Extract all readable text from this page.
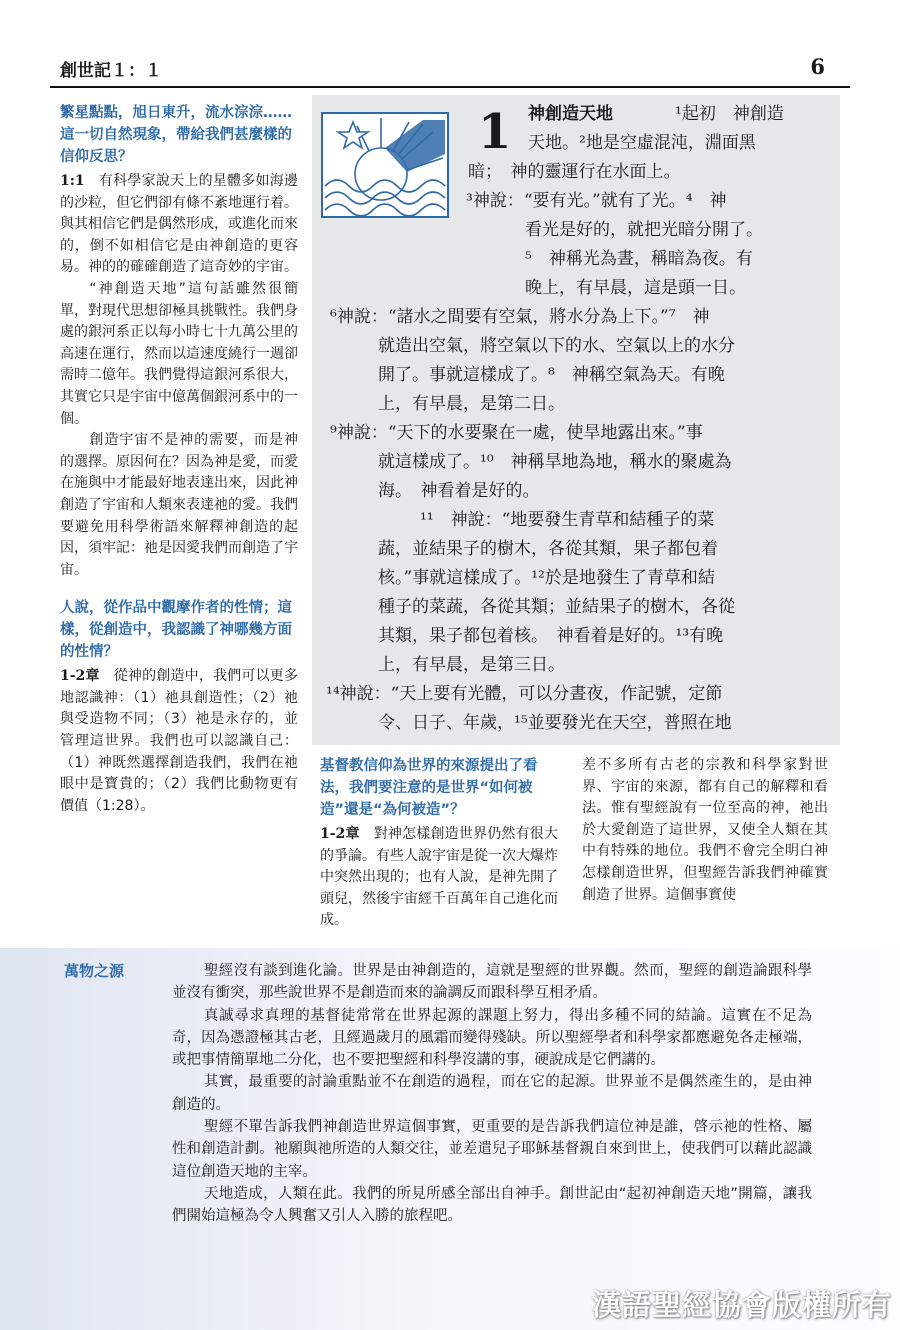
創世記１：１	6

繁星點點，旭日東升，流水淙淙……這一切自然現象，帶給我們甚麼樣的信仰反思？

1:1 有科學家說天上的星體多如海邊的沙粒，但它們卻有條不紊地運行着。與其相信它們是偶然形成，或進化而來的，倒不如相信它是由神創造的更容易。神的的確確創造了這奇妙的宇宙。

“神創造天地”這句話雖然很簡單，對現代思想卻極具挑戰性。我們身處的銀河系正以每小時七十九萬公里的高速在運行，然而以這速度繞行一週卻需時二億年。我們覺得這銀河系很大，其實它只是宇宙中億萬個銀河系中的一個。

創造宇宙不是神的需要，而是神的選擇。原因何在？因為神是愛，而愛在施與中才能最好地表達出來，因此神創造了宇宙和人類來表達祂的愛。我們要避免用科學術語來解釋神創造的起因，須牢記：祂是因愛我們而創造了宇宙。

人說，從作品中觀摩作者的性情；這樣，從創造中，我認識了神哪幾方面的性情？

1-2章 從神的創造中，我們可以更多地認識神：（1）祂具創造性；（2）祂與受造物不同；（3）祂是永存的，並管理這世界。我們也可以認識自己：（1）神既然選擇創造我們，我們在祂眼中是寶貴的；（2）我們比動物更有價值（1:28）。

1 神創造天地	¹起初　神創造
天地。²地是空虛混沌，淵面黑
暗；　神的靈運行在水面上。
³神說：“要有光。”就有了光。⁴　神
看光是好的，就把光暗分開了。
⁵　神稱光為晝，稱暗為夜。有
晚上，有早晨，這是頭一日。
⁶神說：“諸水之間要有空氣，將水分為上下。”⁷　神
就造出空氣，將空氣以下的水、空氣以上的水分
開了。事就這樣成了。⁸　神稱空氣為天。有晚
上，有早晨，是第二日。
⁹神說：“天下的水要聚在一處，使旱地露出來。”事
就這樣成了。¹⁰　神稱旱地為地，稱水的聚處為
海。　神看着是好的。
¹¹　神說：“地要發生青草和結種子的菜
蔬，並結果子的樹木，各從其類，果子都包着
核。”事就這樣成了。¹²於是地發生了青草和結
種子的菜蔬，各從其類；並結果子的樹木，各從
其類，果子都包着核。　神看着是好的。¹³有晚
上，有早晨，是第三日。
¹⁴神說：“天上要有光體，可以分晝夜，作記號，定節
令、日子、年歲，¹⁵並要發光在天空，普照在地

基督教信仰為世界的來源提出了看法，我們要注意的是世界“如何被造”還是“為何被造”？

1-2章 對神怎樣創造世界仍然有很大的爭論。有些人說宇宙是從一次大爆炸中突然出現的；也有人說，是神先開了頭兒，然後宇宙經千百萬年自己進化而成。

差不多所有古老的宗教和科學家對世界、宇宙的來源，都有自己的解釋和看法。惟有聖經說有一位至高的神，祂出於大愛創造了這世界，又使全人類在其中有特殊的地位。我們不會完全明白神怎樣創造世界，但聖經告訴我們神確實創造了世界。這個事實使

萬物之源	聖經沒有談到進化論。世界是由神創造的，這就是聖經的世界觀。然而，聖經的創造論跟科學並沒有衝突，那些說世界不是創造而來的論調反而跟科學互相矛盾。

真誠尋求真理的基督徒常常在世界起源的課題上努力，得出多種不同的結論。這實在不足為奇，因為憑證極其古老，且經過歲月的風霜而變得殘缺。所以聖經學者和科學家都應避免各走極端，或把事情簡單地二分化，也不要把聖經和科學沒講的事，硬說成是它們講的。

其實，最重要的討論重點並不在創造的過程，而在它的起源。世界並不是偶然產生的，是由神創造的。

聖經不單告訴我們神創造世界這個事實，更重要的是告訴我們這位神是誰，啓示祂的性格、屬性和創造計劃。祂願與祂所造的人類交往，並差遣兒子耶穌基督親自來到世上，使我們可以藉此認識這位創造天地的主宰。

天地造成，人類在此。我們的所見所感全部出自神手。創世記由“起初神創造天地”開篇，讓我們開始這極為令人興奮又引人入勝的旅程吧。

漢語聖經協會版權所有
